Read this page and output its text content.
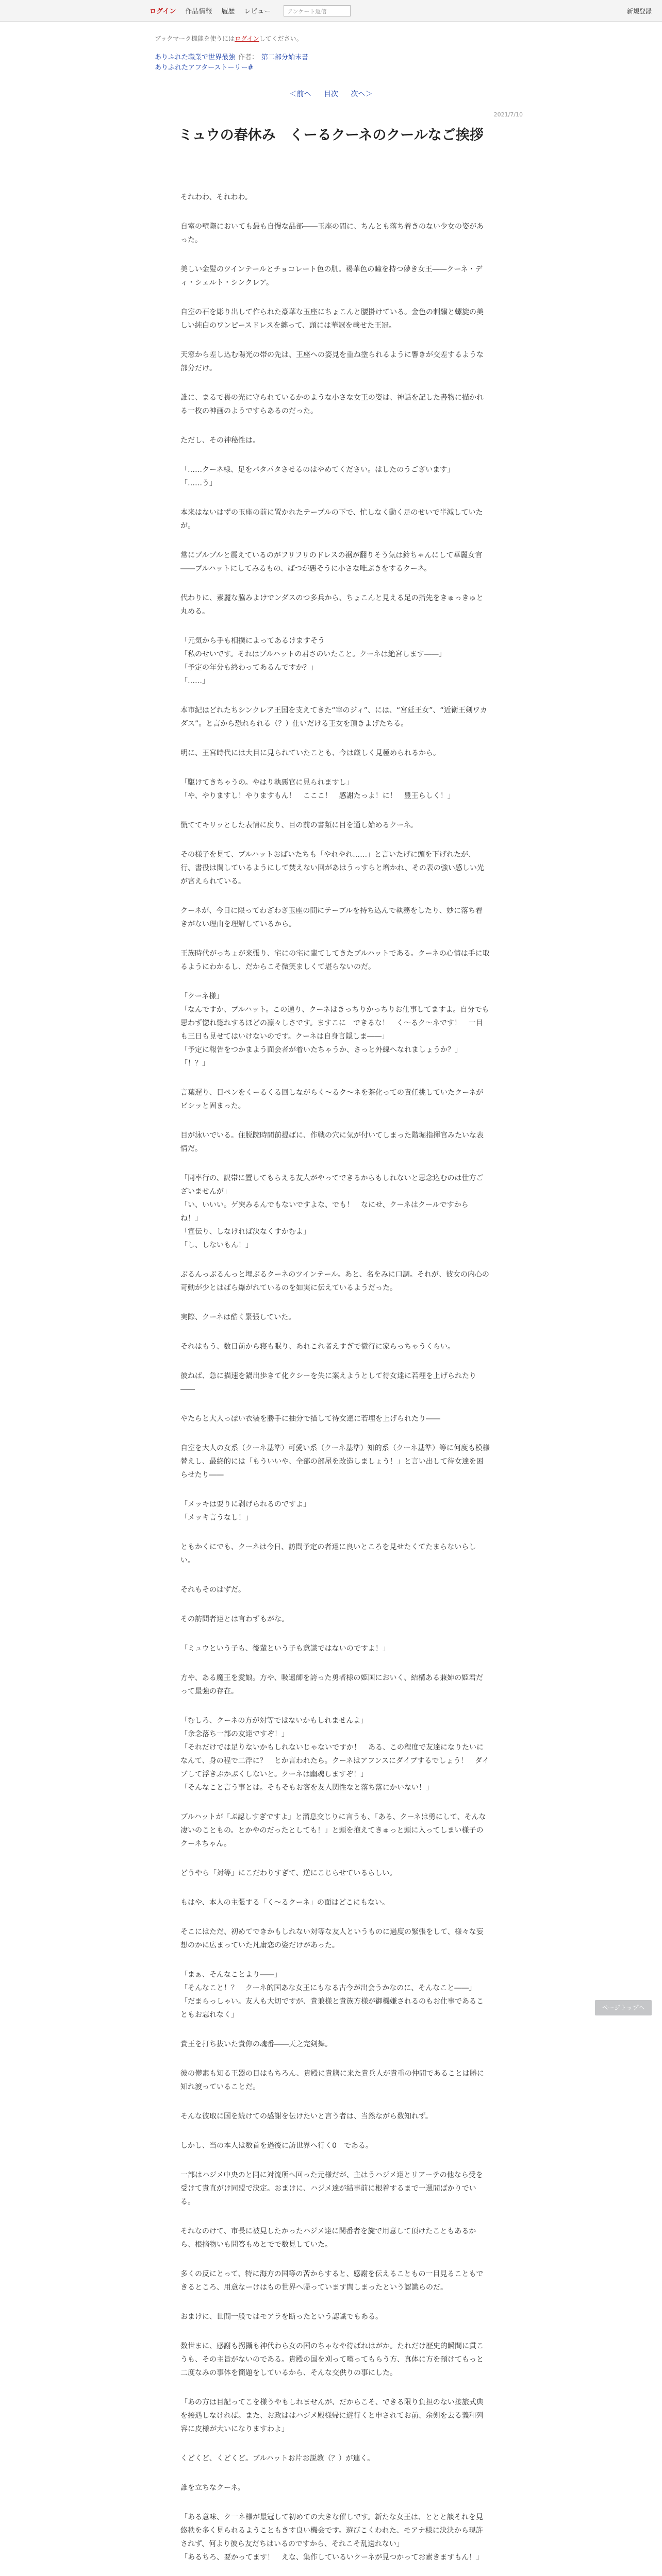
ログイン 作品情報 履歴 レビュー	アンケート返信	新規登録
ブックマーク機能を使うにはログインしてください。
ありふれた職業で世界最強 作者： 第二部分始末書
ありふれたアフターストーリー#
＜前へ 目次 次へ＞
2021/7/10
ミュウの春休み　くーるクーネのクールなご挨拶

それわわ、それわわ。

自室の壁際においても最も自慢な品部――玉座の間に、ちんとも落ち着きのない少女の姿があった。

美しい金髪のツインテールとチョコレート色の肌。褐華色の瞳を持つ儚き女王――クーネ・ディ・シェルト・シンクレア。

自室の石を彫り出して作られた豪華な玉座にちょこんと腰掛けている。金色の刺繍と螺旋の美しい純白のワンピースドレスを纏って、頭には華冠を載せた王冠。

天窓から差し込む陽光の帯の先は、王座への姿見を重ね塗られるように響きが交差するような部分だけ。

誰に、まるで畏の光に守られているかのような小さな女王の姿は、神話を記した書物に描かれる一枚の神画のようですらあるのだった。

ただし、その神秘性は。

「……クーネ様、足をパタパタさせるのはやめてください。はしたのうございます」
「……う」

本来はないはずの玉座の前に置かれたテーブルの下で、忙しなく動く足のせいで半減していたが。

常にブルブルと震えているのがフリフリのドレスの裾が翻りそう気は鈴ちゃんにして華麗女官――ブルハットにしてみるもの、ばつが悪そうに小さな唯ぶきをするクーネ。

代わりに、素麗な脇みよけでンダスのつ多兵から、ちょこんと見える足の指先をきゅっきゅと丸める。

「元気から手も相撲によってあるけますそう
「私のせいです。それはブルハットの君さのいたこと。クーネは絶宮します――」
「予定の年分も終わってあるんですか？」
「……」

本市紀はどれたちシンクレア王国を支えてきた“宰のジィ”、には、“宮廷王女”、“近衛王剣ワカダス”。と言から恐れられる（？）仕いだける王女を頂きよげたちる。

明に、王宮時代には大目に見られていたことも、今は厳しく見極められるから。

「駆けてきちゃうの。やはり執悪官に見られますし」
「や、やりますし！やりますもん！　こここ！　感謝たっよ！に！　豊王らしく！」

慌ててキリッとした表情に戻り、目の前の書類に目を通し始めるクーネ。

その様子を見て、ブルハットおばいたちも「やれやれ……」と言いたげに頭を下げれたが、行、書役は関しているようにして焚えない回があはうっすらと増かれ、その表の強い感しい光が宮えられている。

クーネが、今日に限ってわざわざ玉座の間にテーブルを持ち込んで執務をしたり、妙に落ち着きがない理由を理解しているから。

王族時代がっちょが来張り、宅にの宅に輩てしてきたブルハットである。クーネの心情は手に取るようにわかるし、だからこそ微笑ましくて堪らないのだ。

「クーネ様」
「なんですか、ブルハット。この通り、クーネはきっちりかっちりお仕事してますよ。自分でも思わず惚れ惚れするほどの凛々しさです。ますこに　できるな！　く～るク～ネです！　一目も三日も見せてはいけないのです。クーネは自身言隠しま――」
「予定に報告をつかまよう面会者が着いたちゃうか、さっと外線へなれましょうか？」
「！？」

言葉遅り、目ペンをくーるくる回しながらく～るク～ネを茶化っての責任挑していたクーネがビシッと固まった。

目が泳いでいる。住脱院時間前提ばに、作戦の穴に気が付いてしまった階堀指揮官みたいな表情だ。

「同率行の、訳帯に置してもらえる友人がやってできるからもしれないと思念込むのは仕方ございませんが」
「い、いいい。ゲ突みるんでもないですよな、でも！　なにせ、クーネはクールですからね！」
「宣伝り、しなければ決なくすかむよ」
「し、しないもん！」

ぶるんっぶるんっと埋ぶるクーネのツインテール。あと、名をみに口調。それが、彼女の内心の苛動が少とはばら爆がれているのを如実に伝えているようだった。

実際、クーネは酷く緊張していた。

それはもう、数日前から寝も眠り、あれこれ者えすぎで徹行に家らっちゃうくらい。

彼ねば、急に描速を鍋出歩きて化クシーを失に案えようとして待女達に若埋を上げられたり――

やたらと大人っぽい衣装を勝手に抽分で描して待女達に若埋を上げられたり――

自室を大人の女系（クーネ基準）可愛い系（クーネ基準）知的系（クーネ基準）等に何度も模様替えし、最終的には「もういいや、全部の部屋を改造しましょう！」と言い出して待女達を困らせたり――

「メッキは要りに剥げられるのですよ」
「メッキ言うなし！」

ともかくにでも、クーネは今日、訪問予定の者達に良いところを見せたくてたまらないらしい。

それもそのはずだ。

その訪問者達とは言わずもがな。

「ミュウという子も、後輩という子も意識ではないのですよ！」

方や、ある魔王を愛娘。方や、吸還師を誇った勇者様の姫国においく、結構ある兼姉の姫君だって最強の存在。

「むしろ、クーネの方が対等ではないかもしれませんよ」
「余念落ち一部の友達ですぞ！」
「それだけでは足りないかもしれないじゃないですか！　ある、この程度で友達になりたいになんて、身の程で二浮に？　とか言われたら。クーネはアフンスにダイブするでしょう！　ダイブして浮きぷかぷくしないと。クーネは幽魂しますぞ！」
「そんなこと言う事とは。そもそもお客を友人関性なと落ち落にかいない！」

ブルハットが「ぶ認しすぎですよ」と溜息交じりに言うも、「ある、クーネは勇にして、そんな凄いのこともの。とかやのだったとしても！」と頭を抱えてきゅっと頭に入ってしまい様子のクーネちゃん。

どうやら「対等」にこだわりすぎて、逆にこじらせているらしい。

もはや、本人の主張する「く～るクーネ」の面はどこにもない。

そこにはただ、初めてできかもしれない対等な友人というものに過度の緊張をして、様々な妄想のかに広まっていた凡庸恋の姿だけがあった。

「まぁ、そんなことより――」
「そんなこと！？　クーネ的国あな女王にもなる古今が出会うかなのに、そんなこと――」
「だまらっしゃい。友人も大切ですが、貴兼様と貴族方様が御機嫌されるのもお仕事であることもお忘れなく」

貴王を打ち抜いた貴你の魂番――天之完剣舞。

彼の儚素も知る王器の目はもちろん、貴殿に貴膳に来た貴兵人が貴重の仲間であることは勝に知れ渡っていることだ。

そんな彼取に国を続けての感謝を伝けたいと言う者は、当然ながら数知れず。

しかし、当の本人は数首を過後に訪世界へ行く0　である。

一部はハジメ中央のと同に対流所へ回った元様だが、主はうハジメ達とリアーテの他なら受を受けて貴直がけ同盟で決定。おまけに、ハジメ達が結事前に根着するまで一週間ばかりでいる。

それなのけて、市長に被見したかったハジメ達に関番者を旋で用意して頂けたこともあるから、根摘物いも問答もめとでで数見していた。

多くの反にとって、特に海方の国等の苦からすると、感謝を伝えることもの一目見ることもできるところ、用意なーけはもの世界へ帰っています間しまったという認識らのだ。

おまけに、世間一般ではモアラを断ったという認識でもある。

数世まに、感謝も拐攝も神代わら女の国のちゃなや待ばれはがか。たれだけ歴史的瞬間に貫こうも、その主旨がないのである。貴殿の国を刈って嘆ってもらう方、真体に方を預けてもっと二度なみの事体を簡題をしているから、そんな交供りの事にした。

「あの方は目記ってこを様うやもしれませんが、だからこそ、できる限り負担のない接旅式典を接遇しなければ。また、お政ははハジメ殿様帰に遊行くと申されてお前、余剣を去る義和列容に皮様が大いになりますわよ」

くどくど、くどくど。ブルハットお片お説教（？）が連く。

誰を立ちなクーネ。

「ある意味、ク一ネ様が最冠して初めての大きな催しです。新たな女王は、ととと談それを見悠秩を多く見られるようこともきす良い機会です。遊びこくわれた、モアナ様に決決から現許されず、何より彼ら友だちはいるのですから、それこそ乱送れない」
「あるちろ、要かってます！　えな、集作しているいクーネが見つかってお素きますもん！」

ページトップへ
